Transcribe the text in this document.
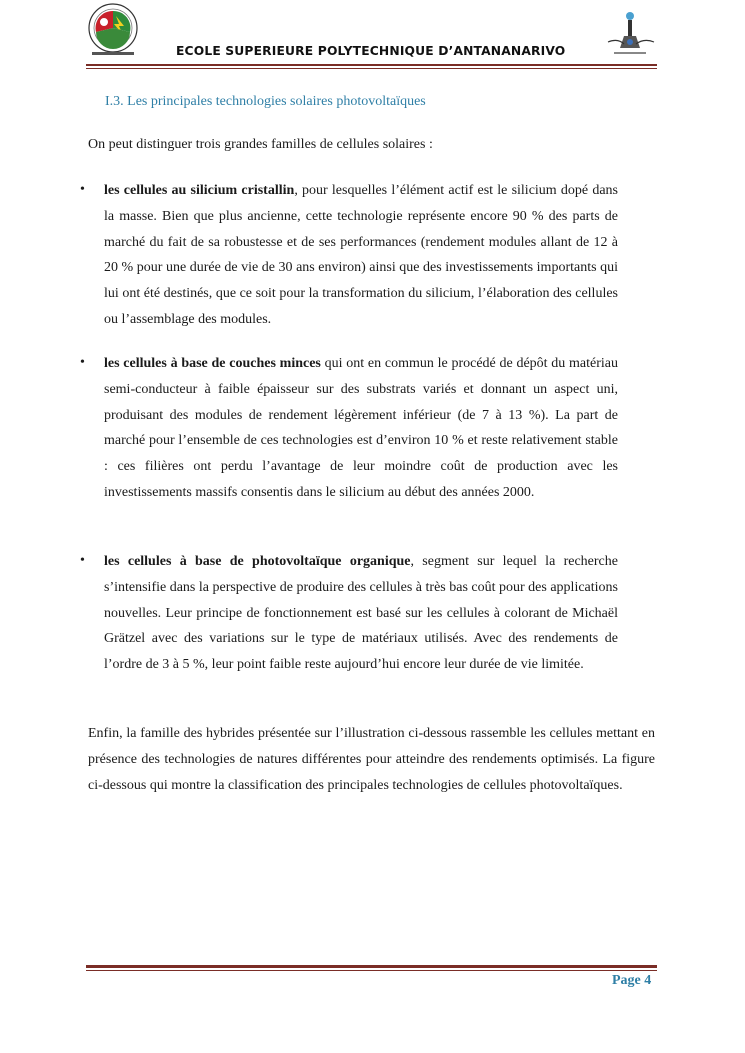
ECOLE SUPERIEURE POLYTECHNIQUE D’ANTANANARIVO
I.3. Les principales technologies solaires photovoltaïques
On peut distinguer trois grandes familles de cellules solaires :
• les cellules au silicium cristallin, pour lesquelles l’élément actif est le silicium dopé dans la masse. Bien que plus ancienne, cette technologie représente encore 90 % des parts de marché du fait de sa robustesse et de ses performances (rendement modules allant de 12 à 20 % pour une durée de vie de 30 ans environ) ainsi que des investissements importants qui lui ont été destinés, que ce soit pour la transformation du silicium, l’élaboration des cellules ou l’assemblage des modules.
• les cellules à base de couches minces qui ont en commun le procédé de dépôt du matériau semi-conducteur à faible épaisseur sur des substrats variés et donnant un aspect uni, produisant des modules de rendement légèrement inférieur (de 7 à 13 %). La part de marché pour l’ensemble de ces technologies est d’environ 10 % et reste relativement stable : ces filières ont perdu l’avantage de leur moindre coût de production avec les investissements massifs consentis dans le silicium au début des années 2000.
• les cellules à base de photovoltaïque organique, segment sur lequel la recherche s’intensifie dans la perspective de produire des cellules à très bas coût pour des applications nouvelles. Leur principe de fonctionnement est basé sur les cellules à colorant de Michaël Grätzel avec des variations sur le type de matériaux utilisés. Avec des rendements de l’ordre de 3 à 5 %, leur point faible reste aujourd’hui encore leur durée de vie limitée.
Enfin, la famille des hybrides présentée sur l’illustration ci-dessous rassemble les cellules mettant en présence des technologies de natures différentes pour atteindre des rendements optimisés. La figure ci-dessous qui montre la classification des principales technologies de cellules photovoltaïques.
Page 4
